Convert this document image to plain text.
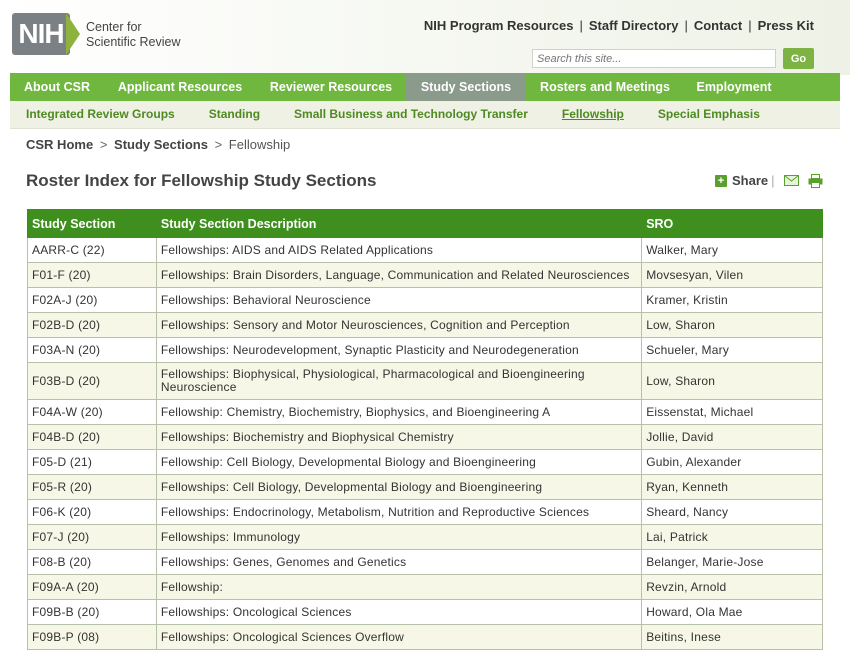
NIH	Center for
Scientific Review
NIH Program Resources | Staff Directory | Contact | Press Kit
Search this site...
Go
About CSR	Applicant Resources	Reviewer Resources	Study Sections	Rosters and Meetings	Employment
Integrated Review Groups	Standing	Small Business and Technology Transfer	Fellowship	Special Emphasis
CSR Home > Study Sections > Fellowship
Roster Index for Fellowship Study Sections	+ Share |
Study Section	Study Section Description	SRO
AARR-C (22)	Fellowships: AIDS and AIDS Related Applications	Walker, Mary
F01-F (20)	Fellowships: Brain Disorders, Language, Communication and Related Neurosciences	Movsesyan, Vilen
F02A-J (20)	Fellowships: Behavioral Neuroscience	Kramer, Kristin
F02B-D (20)	Fellowships: Sensory and Motor Neurosciences, Cognition and Perception	Low, Sharon
F03A-N (20)	Fellowships: Neurodevelopment, Synaptic Plasticity and Neurodegeneration	Schueler, Mary
F03B-D (20)	Fellowships: Biophysical, Physiological, Pharmacological and Bioengineering Neuroscience	Low, Sharon
F04A-W (20)	Fellowship: Chemistry, Biochemistry, Biophysics, and Bioengineering A	Eissenstat, Michael
F04B-D (20)	Fellowships: Biochemistry and Biophysical Chemistry	Jollie, David
F05-D (21)	Fellowship: Cell Biology, Developmental Biology and Bioengineering	Gubin, Alexander
F05-R (20)	Fellowships: Cell Biology, Developmental Biology and Bioengineering	Ryan, Kenneth
F06-K (20)	Fellowships: Endocrinology, Metabolism, Nutrition and Reproductive Sciences	Sheard, Nancy
F07-J (20)	Fellowships: Immunology	Lai, Patrick
F08-B (20)	Fellowships: Genes, Genomes and Genetics	Belanger, Marie-Jose
F09A-A (20)	Fellowship:	Revzin, Arnold
F09B-B (20)	Fellowships: Oncological Sciences	Howard, Ola Mae
F09B-P (08)	Fellowships: Oncological Sciences Overflow	Beitins, Inese
